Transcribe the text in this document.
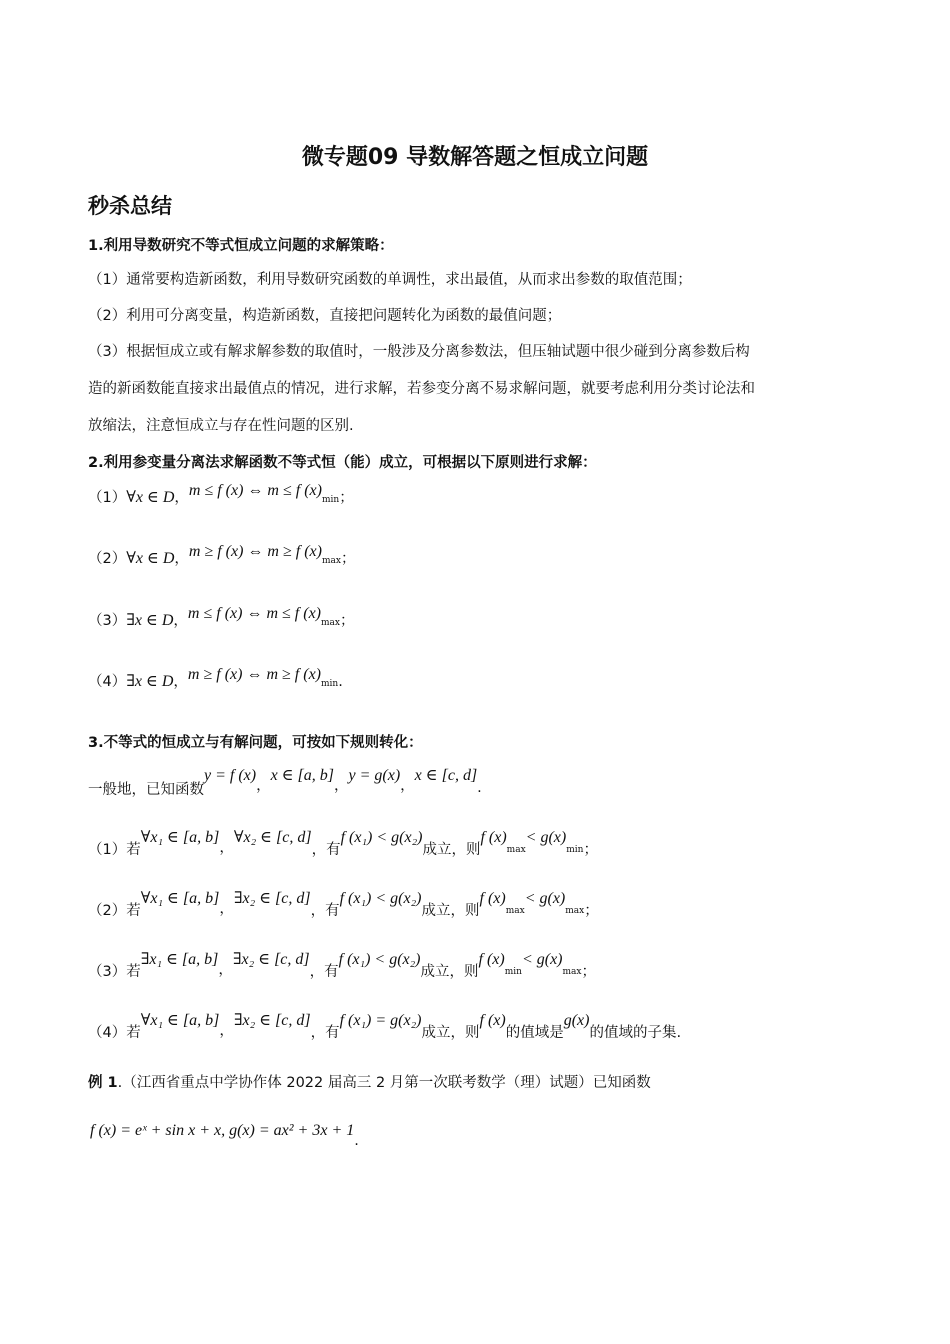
微专题09 导数解答题之恒成立问题
秒杀总结
1.利用导数研究不等式恒成立问题的求解策略：
（1）通常要构造新函数，利用导数研究函数的单调性，求出最值，从而求出参数的取值范围；
（2）利用可分离变量，构造新函数，直接把问题转化为函数的最值问题；
（3）根据恒成立或有解求解参数的取值时，一般涉及分离参数法，但压轴试题中很少碰到分离参数后构
造的新函数能直接求出最值点的情况，进行求解，若参变分离不易求解问题，就要考虑利用分类讨论法和
放缩法，注意恒成立与存在性问题的区别.
2.利用参变量分离法求解函数不等式恒（能）成立，可根据以下原则进行求解：
（1）∀x ∈ D，m ≤ f (x) ⇔ m ≤ f (x)min；
（2）∀x ∈ D，m ≥ f (x) ⇔ m ≥ f (x)max；
（3）∃x ∈ D，m ≤ f (x) ⇔ m ≤ f (x)max；
（4）∃x ∈ D，m ≥ f (x) ⇔ m ≥ f (x)min.
3.不等式的恒成立与有解问题，可按如下规则转化：
一般地，已知函数y = f (x)，x ∈ [a, b]，y = g(x)，x ∈ [c, d].
（1）若∀x₁ ∈ [a, b]，∀x₂ ∈ [c, d]，有f (x₁) < g(x₂)成立，则f $(x)_{max}< g(x)_{min}$；
（2）若∀x₁ ∈ [a, b]，∃x₂ ∈ [c, d]，有f (x₁) < g(x₂)成立，则f $(x)_{max}< g(x)_{max}$；
（3）若∃x₁ ∈ [a, b]，∃x₂ ∈ [c, d]，有f (x₁) < g(x₂)成立，则f $(x)_{min}< g(x)_{max}$；
（4）若∀x₁ ∈ [a, b]，∃x₂ ∈ [c, d]，有f (x₁) = g(x₂)成立，则f (x)的值域是g(x)的值域的子集.
例 1.（江西省重点中学协作体 2022 届高三 2 月第一次联考数学（理）试题）已知函数
f (x) = eˣ + sin x + x, g(x) = ax² + 3x + 1.
